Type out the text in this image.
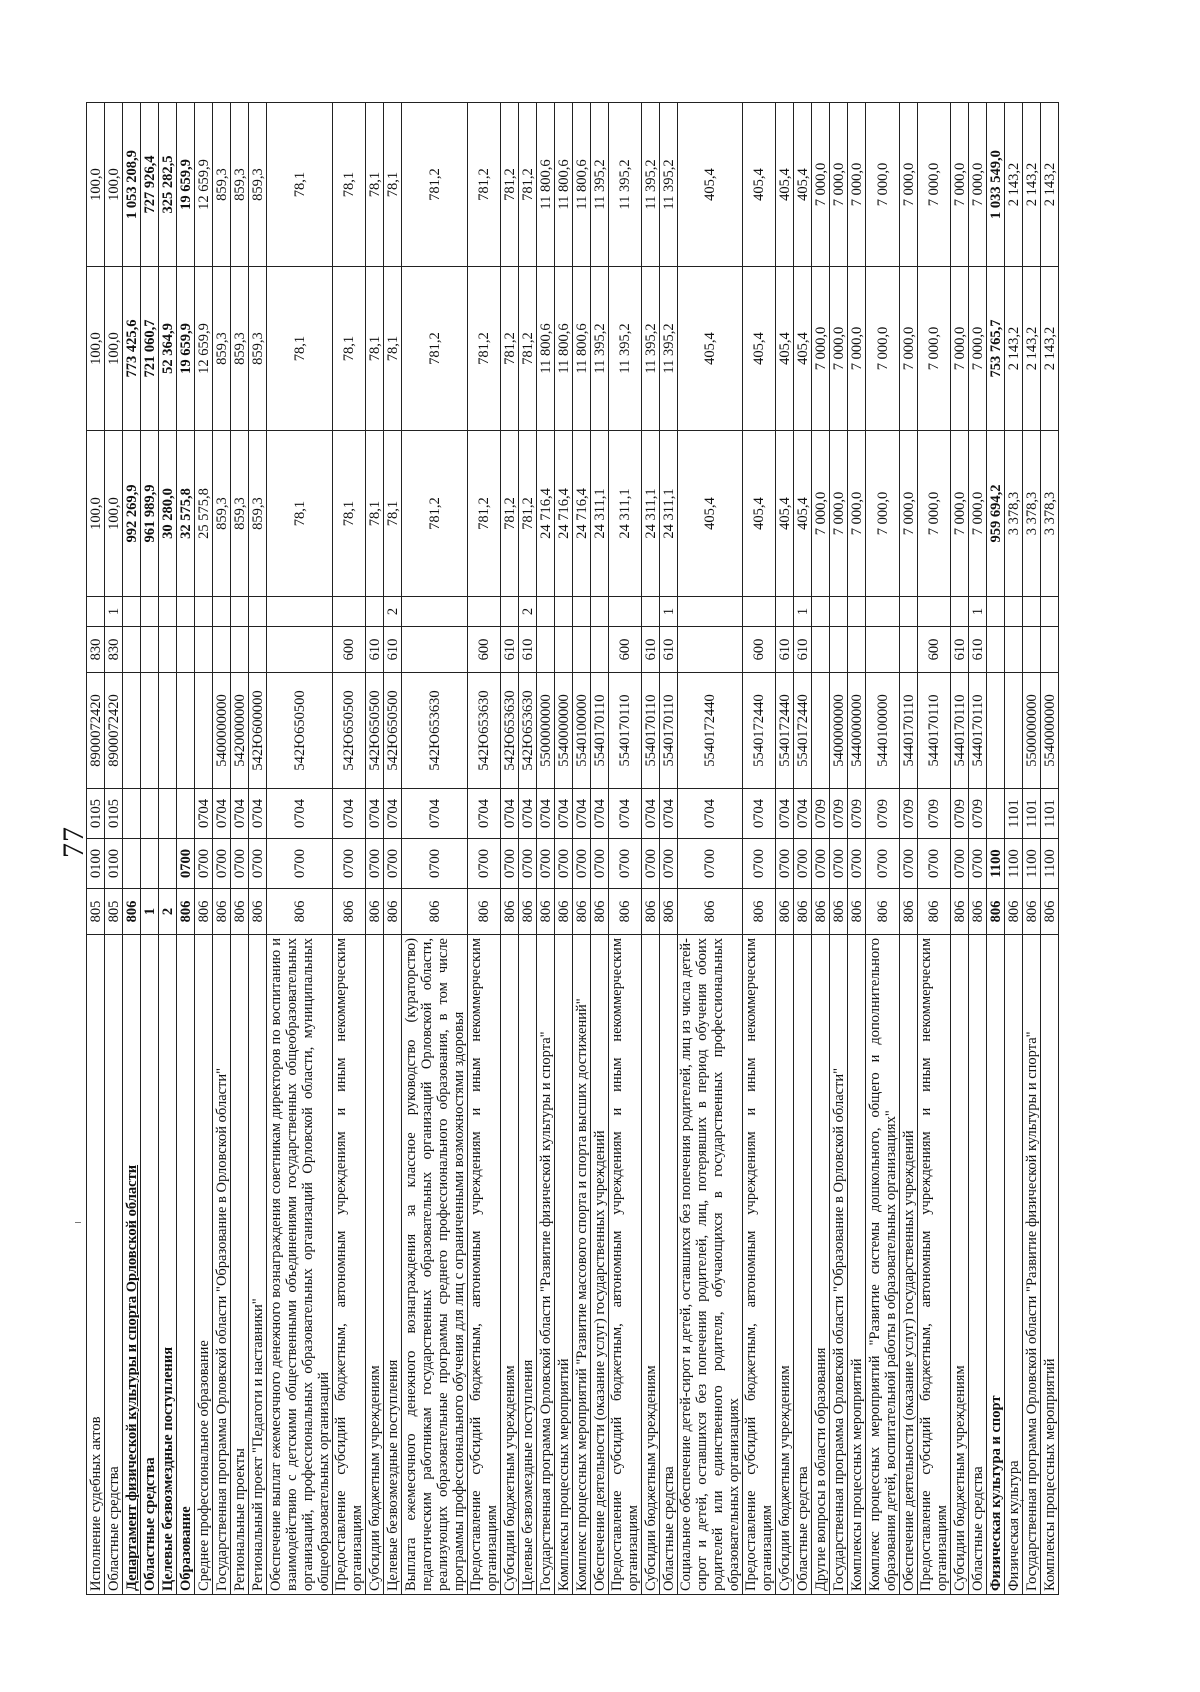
77
Исполнение судебных актов	805	0100	0105	8900072420	830		100,0	100,0	100,0
Областные средства	805	0100	0105	8900072420	830	1	100,0	100,0	100,0
Департамент физической культуры и спорта Орловской области	806						992 269,9	773 425,6	1 053 208,9
Областные средства	1						961 989,9	721 060,7	727 926,4
Целевые безвозмездные поступления	2						30 280,0	52 364,9	325 282,5
Образование	806	0700					32 575,8	19 659,9	19 659,9
Среднее профессиональное образование	806	0700	0704				25 575,8	12 659,9	12 659,9
Государственная программа Орловской области "Образование в Орловской области"	806	0700	0704	5400000000			859,3	859,3	859,3
Региональные проекты	806	0700	0704	5420000000			859,3	859,3	859,3
Региональный проект "Педагоги и наставники"	806	0700	0704	542Ю600000			859,3	859,3	859,3
Обеспечение выплат ежемесячного денежного вознаграждения советникам директоров по воспитанию и взаимодействию с детскими общественными объединениями государственных общеобразовательных организаций, профессиональных образовательных организаций Орловской области, муниципальных общеобразовательных организаций	806	0700	0704	542Ю650500			78,1	78,1	78,1
Предоставление субсидий бюджетным, автономным учреждениям и иным некоммерческим организациям	806	0700	0704	542Ю650500	600		78,1	78,1	78,1
Субсидии бюджетным учреждениям	806	0700	0704	542Ю650500	610		78,1	78,1	78,1
Целевые безвозмездные поступления	806	0700	0704	542Ю650500	610	2	78,1	78,1	78,1
Выплата ежемесячного денежного вознаграждения за классное руководство (кураторство) педагогическим работникам государственных образовательных организаций Орловской области, реализующих образовательные программы среднего профессионального образования, в том числе программы профессионального обучения для лиц с ограниченными возможностями здоровья	806	0700	0704	542Ю653630			781,2	781,2	781,2
Предоставление субсидий бюджетным, автономным учреждениям и иным некоммерческим организациям	806	0700	0704	542Ю653630	600		781,2	781,2	781,2
Субсидии бюджетным учреждениям	806	0700	0704	542Ю653630	610		781,2	781,2	781,2
Целевые безвозмездные поступления	806	0700	0704	542Ю653630	610	2	781,2	781,2	781,2
Государственная программа Орловской области "Развитие физической культуры и спорта"	806	0700	0704	5500000000			24 716,4	11 800,6	11 800,6
Комплексы процессных мероприятий	806	0700	0704	5540000000			24 716,4	11 800,6	11 800,6
Комплекс процессных мероприятий "Развитие массового спорта и спорта высших достижений"	806	0700	0704	5540100000			24 716,4	11 800,6	11 800,6
Обеспечение деятельности (оказание услуг) государственных учреждений	806	0700	0704	5540170110			24 311,1	11 395,2	11 395,2
Предоставление субсидий бюджетным, автономным учреждениям и иным некоммерческим организациям	806	0700	0704	5540170110	600		24 311,1	11 395,2	11 395,2
Субсидии бюджетным учреждениям	806	0700	0704	5540170110	610		24 311,1	11 395,2	11 395,2
Областные средства	806	0700	0704	5540170110	610	1	24 311,1	11 395,2	11 395,2
Социальное обеспечение детей-сирот и детей, оставшихся без попечения родителей, лиц из числа детей-сирот и детей, оставшихся без попечения родителей, лиц, потерявших в период обучения обоих родителей или единственного родителя, обучающихся в государственных профессиональных образовательных организациях	806	0700	0704	5540172440			405,4	405,4	405,4
Предоставление субсидий бюджетным, автономным учреждениям и иным некоммерческим организациям	806	0700	0704	5540172440	600		405,4	405,4	405,4
Субсидии бюджетным учреждениям	806	0700	0704	5540172440	610		405,4	405,4	405,4
Областные средства	806	0700	0704	5540172440	610	1	405,4	405,4	405,4
Другие вопросы в области образования	806	0700	0709				7 000,0	7 000,0	7 000,0
Государственная программа Орловской области "Образование в Орловской области"	806	0700	0709	5400000000			7 000,0	7 000,0	7 000,0
Комплексы процессных мероприятий	806	0700	0709	5440000000			7 000,0	7 000,0	7 000,0
Комплекс процессных мероприятий "Развитие системы дошкольного, общего и дополнительного образования детей, воспитательной работы в образовательных организациях"	806	0700	0709	5440100000			7 000,0	7 000,0	7 000,0
Обеспечение деятельности (оказание услуг) государственных учреждений	806	0700	0709	5440170110			7 000,0	7 000,0	7 000,0
Предоставление субсидий бюджетным, автономным учреждениям и иным некоммерческим организациям	806	0700	0709	5440170110	600		7 000,0	7 000,0	7 000,0
Субсидии бюджетным учреждениям	806	0700	0709	5440170110	610		7 000,0	7 000,0	7 000,0
Областные средства	806	0700	0709	5440170110	610	1	7 000,0	7 000,0	7 000,0
Физическая культура и спорт	806	1100					959 694,2	753 765,7	1 033 549,0
Физическая культура	806	1100	1101				3 378,3	2 143,2	2 143,2
Государственная программа Орловской области "Развитие физической культуры и спорта"	806	1100	1101	5500000000			3 378,3	2 143,2	2 143,2
Комплексы процессных мероприятий	806	1100	1101	5540000000			3 378,3	2 143,2	2 143,2
